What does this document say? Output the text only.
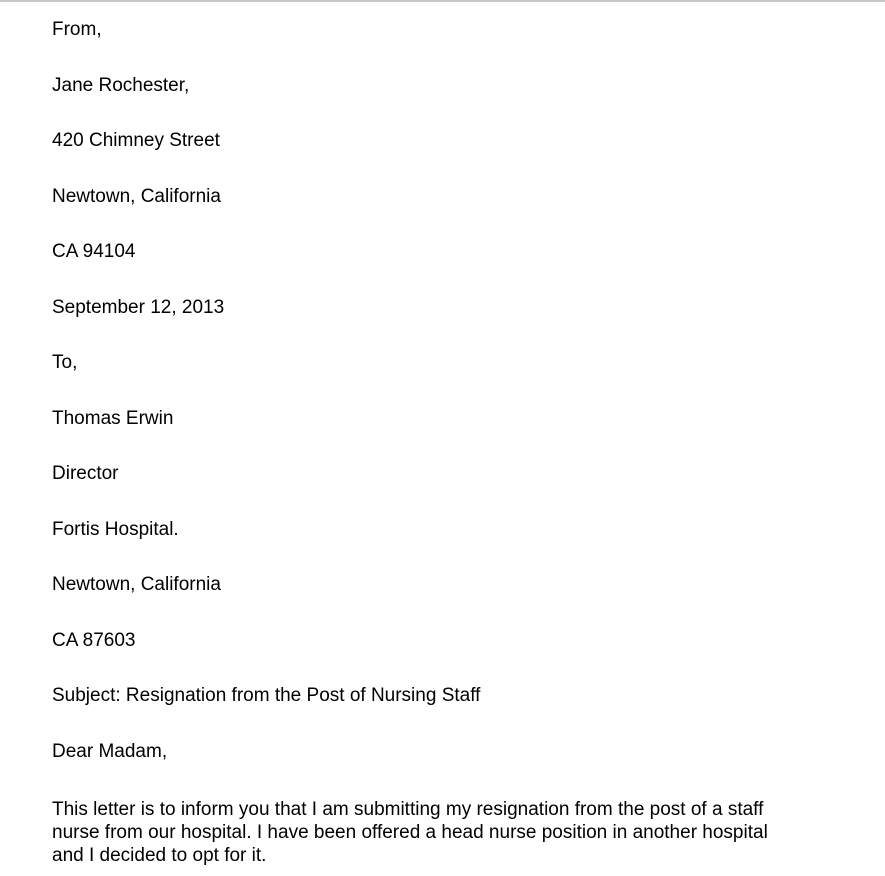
From,

Jane Rochester,

420 Chimney Street

Newtown, California

CA 94104

September 12, 2013

To,

Thomas Erwin

Director

Fortis Hospital.

Newtown, California

CA 87603

Subject: Resignation from the Post of Nursing Staff

Dear Madam,

This letter is to inform you that I am submitting my resignation from the post of a staff
nurse from our hospital. I have been offered a head nurse position in another hospital
and I decided to opt for it.
